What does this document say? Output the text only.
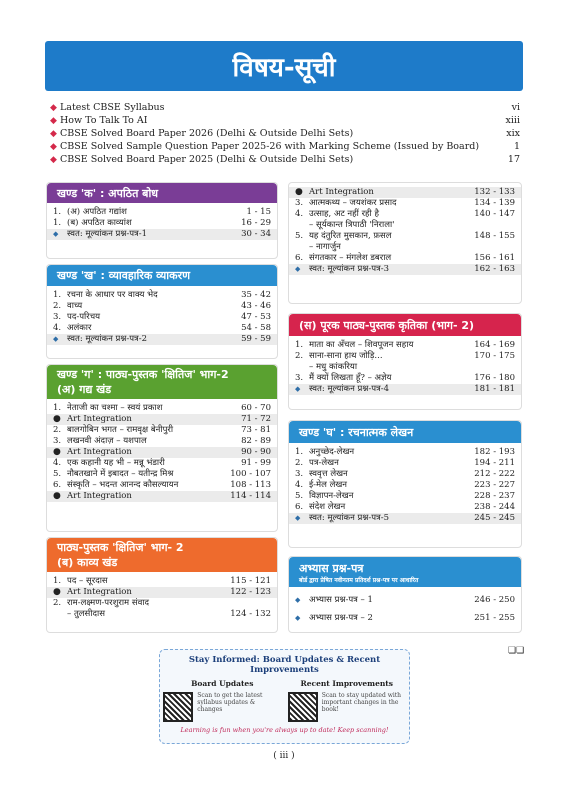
विषय-सूची
◆ Latest CBSE Syllabus	vi
◆ How To Talk To AI	xiii
◆ CBSE Solved Board Paper 2026 (Delhi & Outside Delhi Sets)	xix
◆ CBSE Solved Sample Question Paper 2025-26 with Marking Scheme (Issued by Board)	1
◆ CBSE Solved Board Paper 2025 (Delhi & Outside Delhi Sets)	17
खण्ड 'क' : अपठित बोध
1. (अ) अपठित गद्यांश	1 - 15
1. (ब) अपठित काव्यांश	16 - 29
◆	स्वत: मूल्यांकन प्रश्न-पत्र-1	30 - 34
खण्ड 'ख' : व्यावहारिक व्याकरण
1. रचना के आधार पर वाक्य भेद	35 - 42
2. वाच्य	43 - 46
3. पद-परिचय	47 - 53
4. अलंकार	54 - 58
◆	स्वत: मूल्यांकन प्रश्न-पत्र-2	59 - 59
खण्ड 'ग' : पाठ्य-पुस्तक 'क्षितिज' भाग-2
(अ) गद्य खंड
1. नेताजी का चश्मा – स्वयं प्रकाश	60 - 70
● Art Integration	71 - 72
2. बालगोबिन भगत – रामवृक्ष बेनीपुरी	73 - 81
3. लखनवी अंदाज़ – यशपाल	82 - 89
● Art Integration	90 - 90
4. एक कहानी यह भी – मन्नू भंडारी	91 - 99
5. नौबतखाने में इबादत – यतीन्द्र मिश्र	100 - 107
6. संस्कृति – भदन्त आनन्द कौसल्यायन	108 - 113
● Art Integration	114 - 114
पाठ्य-पुस्तक 'क्षितिज' भाग- 2
(ब) काव्य खंड
1. पद – सूरदास	115 - 121
● Art Integration	122 - 123
2. राम-लक्ष्मण-परशुराम संवाद
– तुलसीदास	124 - 132
● Art Integration	132 - 133
3. आत्मकथ्य – जयशंकर प्रसाद	134 - 139
4. उत्साह, अट नहीं रही है	140 - 147
– सूर्यकान्त त्रिपाठी 'निराला'
5. यह दंतुरित मुसकान, फ़सल	148 - 155
– नागार्जुन
6. संगतकार – मंगलेश डबराल	156 - 161
◆	स्वत: मूल्यांकन प्रश्न-पत्र-3	162 - 163
(स) पूरक पाठ्य-पुस्तक कृतिका (भाग- 2)
1. माता का अँचल – शिवपूजन सहाय	164 - 169
2. साना-साना हाथ जोड़ि...	170 - 175
– मधु कांकरिया
3. मैं क्यों लिखता हूँ? – अज्ञेय	176 - 180
◆	स्वत: मूल्यांकन प्रश्न-पत्र-4	181 - 181
खण्ड 'घ' : रचनात्मक लेखन
1. अनुच्छेद-लेखन	182 - 193
2. पत्र-लेखन	194 - 211
3. स्ववृत्त लेखन	212 - 222
4. ई-मेल लेखन	223 - 227
5. विज्ञापन-लेखन	228 - 237
6. संदेश लेखन	238 - 244
◆	स्वत: मूल्यांकन प्रश्न-पत्र-5	245 - 245
अभ्यास प्रश्न-पत्र
बोर्ड द्वारा प्रेषित नवीनतम प्रतिदर्श प्रश्न-पत्र पर आधारित
◆	अभ्यास प्रश्न-पत्र – 1	246 - 250
◆	अभ्यास प्रश्न-पत्र – 2	251 - 255
❏❏
Stay Informed: Board Updates & Recent Improvements
Board Updates
Scan to get the latest syllabus updates & changes
Recent Improvements
Scan to stay updated with important changes in the book!
Learning is fun when you're always up to date! Keep scanning!
( iii )
